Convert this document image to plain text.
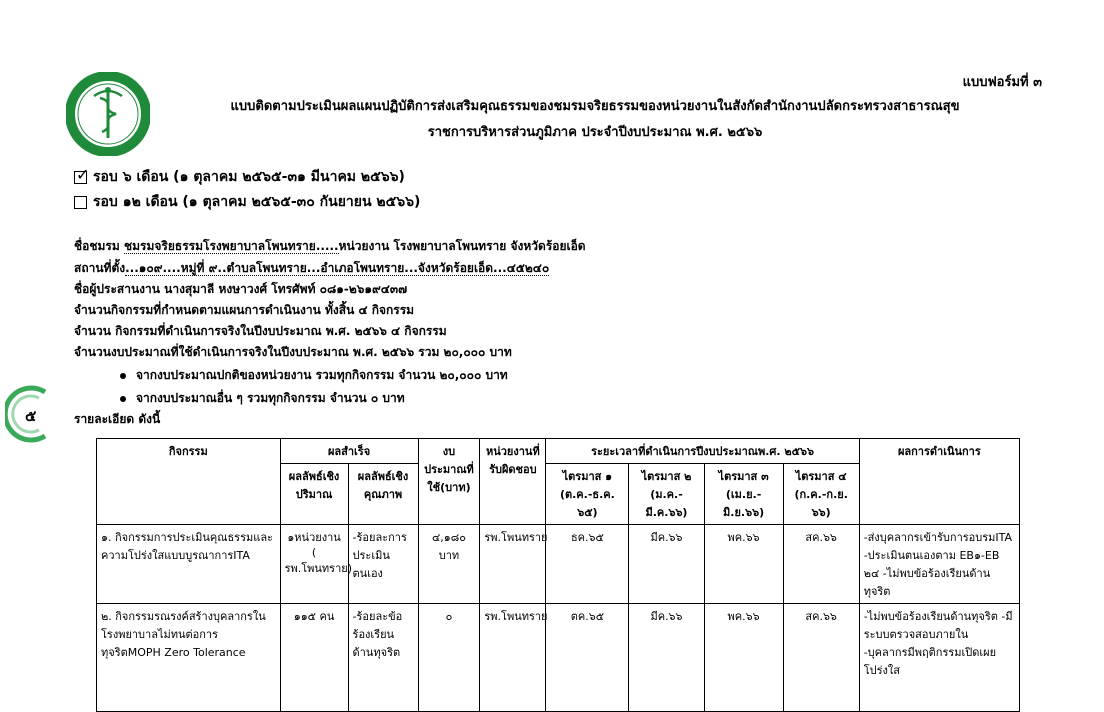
แบบฟอร์มที่ ๓
แบบติดตามประเมินผลแผนปฏิบัติการส่งเสริมคุณธรรมของชมรมจริยธรรมของหน่วยงานในสังกัดสำนักงานปลัดกระทรวงสาธารณสุข
ราชการบริหารส่วนภูมิภาค ประจำปีงบประมาณ พ.ศ. ๒๕๖๖
✓ รอบ ๖ เดือน (๑ ตุลาคม ๒๕๖๕-๓๑ มีนาคม ๒๕๖๖)
รอบ ๑๒ เดือน (๑ ตุลาคม ๒๕๖๕-๓๐ กันยายน ๒๕๖๖)
ชื่อชมรม ชมรมจริยธรรมโรงพยาบาลโพนทราย.....หน่วยงาน โรงพยาบาลโพนทราย จังหวัดร้อยเอ็ด
สถานที่ตั้ง...๑๐๙....หมู่ที่ ๙..ตำบลโพนทราย...อำเภอโพนทราย...จังหวัดร้อยเอ็ด...๔๕๒๔๐
ชื่อผู้ประสานงาน นางสุมาลี หงษาวงศ์ โทรศัพท์ ๐๘๑-๒๖๑๙๔๓๗
จำนวนกิจกรรมที่กำหนดตามแผนการดำเนินงาน ทั้งสิ้น ๔ กิจกรรม
จำนวน กิจกรรมที่ดำเนินการจริงในปีงบประมาณ พ.ศ. ๒๕๖๖ ๔ กิจกรรม
จำนวนงบประมาณที่ใช้ดำเนินการจริงในปีงบประมาณ พ.ศ. ๒๕๖๖ รวม ๒๐,๐๐๐ บาท
จากงบประมาณปกติของหน่วยงาน รวมทุกกิจกรรม จำนวน ๒๐,๐๐๐ บาท
จากงบประมาณอื่น ๆ รวมทุกกิจกรรม จำนวน ๐ บาท
๕	รายละเอียด ดังนี้
กิจกรรม	ผลสำเร็จ		งบประมาณที่ใช้(บาท)	หน่วยงานที่รับผิดชอบ	ระยะเวลาที่ดำเนินการปีงบประมาณพ.ศ. ๒๕๖๖				ผลการดำเนินการ
	ผลลัพธ์เชิงปริมาณ	ผลลัพธ์เชิงคุณภาพ			ไตรมาส ๑ (ต.ค.-ธ.ค. ๖๕)	ไตรมาส ๒ (ม.ค.-มี.ค.๖๖)	ไตรมาส ๓ (เม.ย.-มิ.ย.๖๖)	ไตรมาส ๔ (ก.ค.-ก.ย. ๖๖)	
๑. กิจกรรมการประเมินคุณธรรมและความโปร่งใสแบบบูรณาการITA	๑หน่วยงาน ( รพ.โพนทราย)	-ร้อยละการประเมินตนเอง	๔,๑๘๐ บาท	รพ.โพนทราย	ธค.๖๕	มีค.๖๖	พค.๖๖	สค.๖๖	-ส่งบุคลากรเข้ารับการอบรมITA -ประเมินตนเองตาม EB๑-EB ๒๔ -ไม่พบข้อร้องเรียนด้านทุจริต
๒. กิจกรรมรณรงค์สร้างบุคลากรในโรงพยาบาลไม่ทนต่อการทุจริตMOPH Zero Tolerance	๑๑๕ คน	-ร้อยละข้อร้องเรียนด้านทุจริต	๐	รพ.โพนทราย	ตค.๖๕	มีค.๖๖	พค.๖๖	สค.๖๖	-ไม่พบข้อร้องเรียนด้านทุจริต -มีระบบตรวจสอบภายใน -บุคลากรมีพฤติกรรมเปิดเผยโปร่งใส
